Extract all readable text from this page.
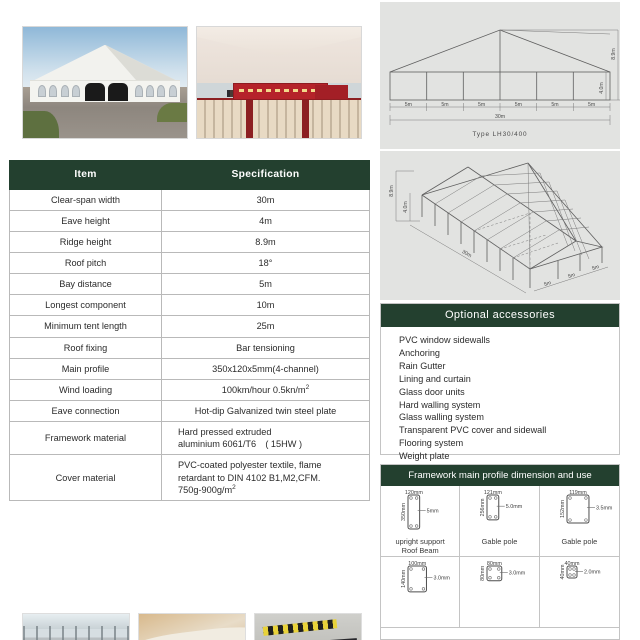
Item	Specification
Clear-span width	30m
Eave height	4m
Ridge height	8.9m
Roof pitch	18°
Bay distance	5m
Longest component	10m
Minimum tent length	25m
Roof fixing	Bar tensioning
Main profile	350x120x5mm(4-channel)
Wind loading	100km/hour $0.5kn/m^2$
Eave connection	Hot-dip Galvanized twin steel plate
Framework material	Hard pressed extruded
aluminium 6061/T6 ( 15HW )
Cover material	PVC-coated polyester textile, flame
retardant to DIN 4102 B1,M2,CFM.
$750g-900g/m^2$
5m	5m	5m	5m	5m	5m
30m
8.9m
4.0m
Type LH30/400
8.9m
4.0m
30m
5m
5m
5m
Optional accessories
PVC window sidewalls
Anchoring
Rain Gutter
Lining and curtain
Glass door units
Hard walling system
Glass walling system
Transparent PVC cover and sidewall
Flooring system
Weight plate
Framework main profile dimension and use
120mm
350mm	5mm
upright support
Roof Beam
121mm
256mm	5.0mm
Gable pole
119mm
152mm	3.5mm
Gable pole
100mm
140mm	3.0mm
80mm
80mm	3.0mm
40mm
40mm	2.0mm
